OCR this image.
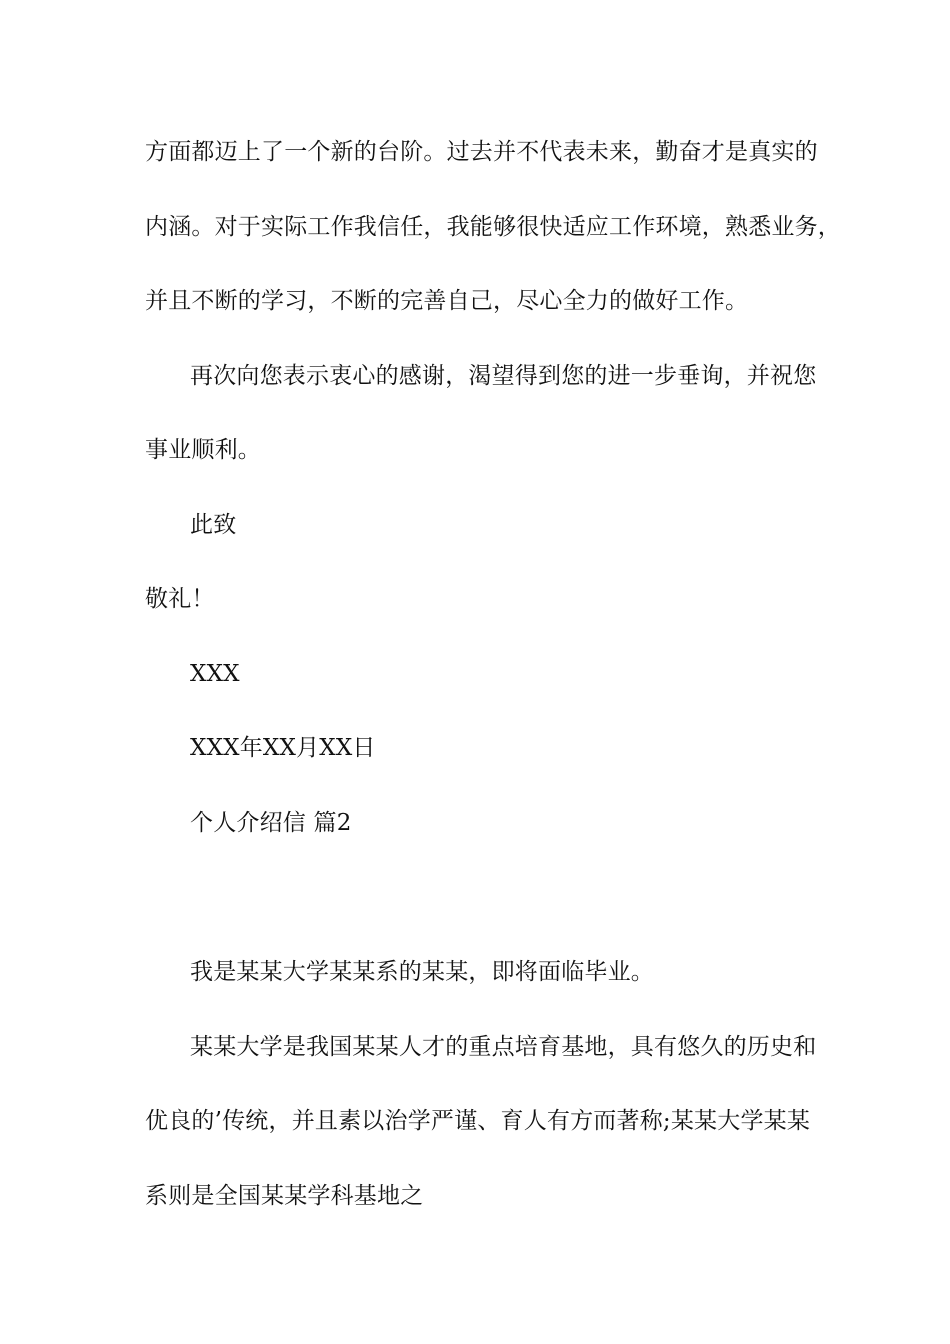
方面都迈上了一个新的台阶。过去并不代表未来，勤奋才是真实的
内涵。对于实际工作我信任，我能够很快适应工作环境，熟悉业务，
并且不断的学习，不断的完善自己，尽心全力的做好工作。
再次向您表示衷心的感谢，渴望得到您的进一步垂询，并祝您
事业顺利。
此致
敬礼！
XXX
XXX年XX月XX日
个人介绍信 篇2
我是某某大学某某系的某某，即将面临毕业。
某某大学是我国某某人才的重点培育基地，具有悠久的历史和
优良的’传统，并且素以治学严谨、育人有方而著称;某某大学某某
系则是全国某某学科基地之
